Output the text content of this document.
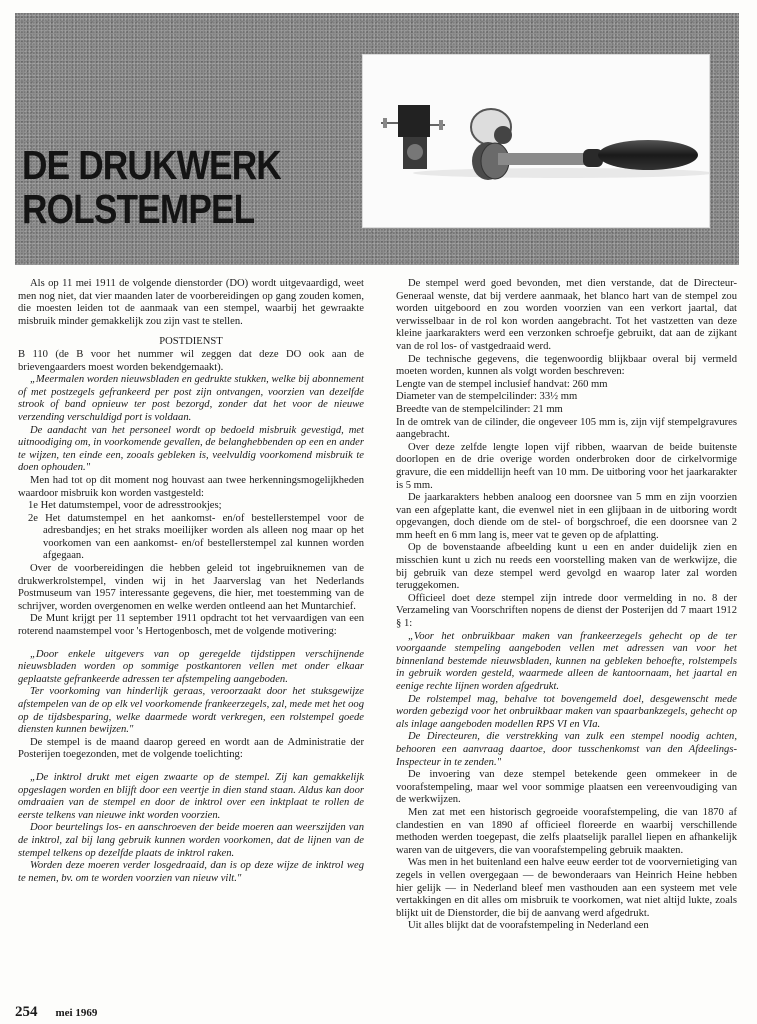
DE DRUKWERK
ROLSTEMPEL

Als op 11 mei 1911 de volgende dienstorder (DO) wordt uitgevaardigd, weet men nog niet, dat vier maanden later de voorbereidingen op gang zouden komen, die moesten leiden tot de aanmaak van een stempel, waarbij het gewraakte misbruik minder gemakkelijk zou zijn vast te stellen.

POSTDIENST

B 110 (de B voor het nummer wil zeggen dat deze DO ook aan de brievengaarders moest worden bekendgemaakt).

„Meermalen worden nieuwsbladen en gedrukte stukken, welke bij abonnement of met postzegels gefrankeerd per post zijn ontvangen, voorzien van dezelfde strook of band opnieuw ter post bezorgd, zonder dat het voor de nieuwe verzending verschuldigd port is voldaan.

De aandacht van het personeel wordt op bedoeld misbruik gevestigd, met uitnoodiging om, in voorkomende gevallen, de belanghebbenden op een en ander te wijzen, ten einde een, zooals gebleken is, veelvuldig voorkomend misbruik te doen ophouden."

Men had tot op dit moment nog houvast aan twee herkenningsmogelijkheden waardoor misbruik kon worden vastgesteld:

1e Het datumstempel, voor de adresstrookjes;
2e Het datumstempel en het aankomst- en/of bestellerstempel voor de adresbandjes; en het straks moeilijker worden als alleen nog maar op het voorkomen van een aankomst- en/of bestellerstempel zal kunnen worden afgegaan.

Over de voorbereidingen die hebben geleid tot ingebruiknemen van de drukwerkrolstempel, vinden wij in het Jaarverslag van het Nederlands Postmuseum van 1957 interessante gegevens, die hier, met toestemming van de schrijver, worden overgenomen en welke werden ontleend aan het Muntarchief.

De Munt krijgt per 11 september 1911 opdracht tot het vervaardigen van een roterend naamstempel voor 's Hertogenbosch, met de volgende motivering:

„Door enkele uitgevers van op geregelde tijdstippen verschijnende nieuwsbladen worden op sommige postkantoren vellen met onder elkaar geplaatste gefrankeerde adressen ter afstempeling aangeboden.

Ter voorkoming van hinderlijk geraas, veroorzaakt door het stuksgewijze afstempelen van de op elk vel voorkomende frankeerzegels, zal, mede met het oog op de tijdsbesparing, welke daarmede wordt verkregen, een rolstempel goede diensten kunnen bewijzen."

De stempel is de maand daarop gereed en wordt aan de Administratie der Posterijen toegezonden, met de volgende toelichting:

„De inktrol drukt met eigen zwaarte op de stempel. Zij kan gemakkelijk opgeslagen worden en blijft door een veertje in dien stand staan. Aldus kan door omdraaien van de stempel en door de inktrol over een inktplaat te rollen de eerste telkens van nieuwe inkt worden voorzien.

Door beurtelings los- en aanschroeven der beide moeren aan weerszijden van de inktrol, zal bij lang gebruik kunnen worden voorkomen, dat de lijnen van de stempel telkens op dezelfde plaats de inktrol raken.

Worden deze moeren verder losgedraaid, dan is op deze wijze de inktrol weg te nemen, bv. om te worden voorzien van nieuw vilt."

De stempel werd goed bevonden, met dien verstande, dat de Directeur-Generaal wenste, dat bij verdere aanmaak, het blanco hart van de stempel zou worden uitgeboord en zou worden voorzien van een verkort jaartal, dat verwisselbaar in de rol kon worden aangebracht. Tot het vastzetten van deze kleine jaarkarakters werd een verzonken schroefje gebruikt, dat aan de zijkant van de rol los- of vastgedraaid werd.

De technische gegevens, die tegenwoordig blijkbaar overal bij vermeld moeten worden, kunnen als volgt worden beschreven:

Lengte van de stempel inclusief handvat: 260 mm

Diameter van de stempelcilinder: 33½ mm

Breedte van de stempelcilinder: 21 mm

In de omtrek van de cilinder, die ongeveer 105 mm is, zijn vijf stempelgravures aangebracht.

Over deze zelfde lengte lopen vijf ribben, waarvan de beide buitenste doorlopen en de drie overige worden onderbroken door de cirkelvormige gravure, die een middellijn heeft van 10 mm. De uitboring voor het jaarkarakter is 5 mm.

De jaarkarakters hebben analoog een doorsnee van 5 mm en zijn voorzien van een afgeplatte kant, die evenwel niet in een glijbaan in de uitboring wordt opgevangen, doch diende om de stel- of borgschroef, die een doorsnee van 2 mm heeft en 6 mm lang is, meer vat te geven op de afplatting.

Op de bovenstaande afbeelding kunt u een en ander duidelijk zien en misschien kunt u zich nu reeds een voorstelling maken van de werkwijze, die bij gebruik van deze stempel werd gevolgd en waarop later zal worden teruggekomen.

Officieel doet deze stempel zijn intrede door vermelding in no. 8 der Verzameling van Voorschriften nopens de dienst der Posterijen dd 7 maart 1912 § 1:

„Voor het onbruikbaar maken van frankeerzegels gehecht op de ter voorgaande stempeling aangeboden vellen met adressen van voor het binnenland bestemde nieuwsbladen, kunnen na gebleken behoefte, rolstempels in gebruik worden gesteld, waarmede alleen de kantoornaam, het jaartal en eenige rechte lijnen worden afgedrukt.

De rolstempel mag, behalve tot bovengemeld doel, desgewenscht mede worden gebezigd voor het onbruikbaar maken van spaarbankzegels, gehecht op als inlage aangeboden modellen RPS VI en VIa.

De Directeuren, die verstrekking van zulk een stempel noodig achten, behooren een aanvraag daartoe, door tusschenkomst van den Afdeelings-Inspecteur in te zenden."

De invoering van deze stempel betekende geen ommekeer in de voorafstempeling, maar wel voor sommige plaatsen een vereenvoudiging van de werkwijzen.

Men zat met een historisch gegroeide voorafstempeling, die van 1870 af clandestien en van 1890 af officieel floreerde en waarbij verschillende methoden werden toegepast, die zelfs plaatselijk parallel liepen en afhankelijk waren van de uitgevers, die van voorafstempeling gebruik maakten.

Was men in het buitenland een halve eeuw eerder tot de voorvernietiging van zegels in vellen overgegaan — de bewonderaars van Heinrich Heine hebben hier gelijk — in Nederland bleef men vasthouden aan een systeem met vele vertakkingen en dit alles om misbruik te voorkomen, wat niet altijd lukte, zoals blijkt uit de Dienstorder, die bij de aanvang werd afgedrukt.

Uit alles blijkt dat de voorafstempeling in Nederland een

254 mei 1969
